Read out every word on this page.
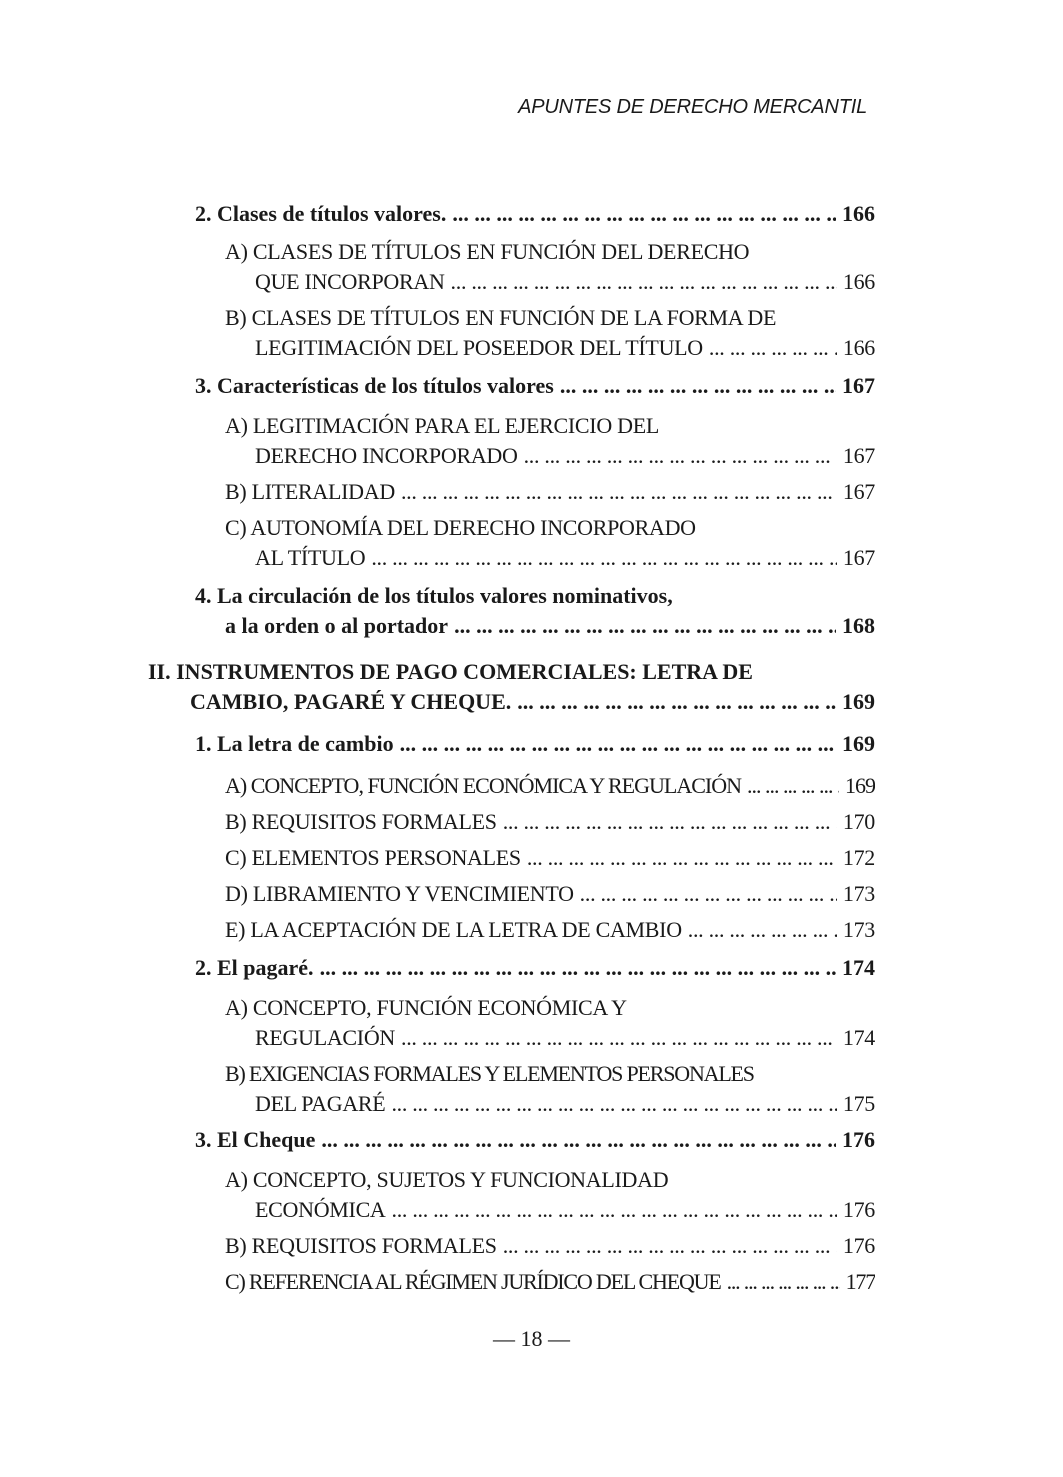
APUNTES DE DERECHO MERCANTIL
2. Clases de títulos valores. ... .	166
A) CLASES DE TÍTULOS EN FUNCIÓN DEL DERECHO
QUE INCORPORAN ... .	166
B) CLASES DE TÍTULOS EN FUNCIÓN DE LA FORMA DE
LEGITIMACIÓN DEL POSEEDOR DEL TÍTULO ... .	166
3. Características de los títulos valores ... .	167
A) LEGITIMACIÓN PARA EL EJERCICIO DEL
DERECHO INCORPORADO ... .	167
B) LITERALIDAD ... .	167
C) AUTONOMÍA DEL DERECHO INCORPORADO
AL TÍTULO ... .	167
4. La circulación de los títulos valores nominativos,
a la orden o al portador ... .	168
II. INSTRUMENTOS DE PAGO COMERCIALES: LETRA DE
CAMBIO, PAGARÉ Y CHEQUE. ... .	169
1. La letra de cambio ... .	169
A) CONCEPTO, FUNCIÓN ECONÓMICA Y REGULACIÓN ... .	169
B) REQUISITOS FORMALES ... .	170
C) ELEMENTOS PERSONALES ... .	172
D) LIBRAMIENTO Y VENCIMIENTO ... .	173
E) LA ACEPTACIÓN DE LA LETRA DE CAMBIO ... .	173
2. El pagaré. ... .	174
A) CONCEPTO, FUNCIÓN ECONÓMICA Y
REGULACIÓN ... .	174
B) EXIGENCIAS FORMALES Y ELEMENTOS PERSONALES
DEL PAGARÉ ... .	175
3. El Cheque ... .	176
A) CONCEPTO, SUJETOS Y FUNCIONALIDAD
ECONÓMICA ... .	176
B) REQUISITOS FORMALES ... .	176
C) REFERENCIA AL RÉGIMEN JURÍDICO DEL CHEQUE ... .	177
— 18 —
